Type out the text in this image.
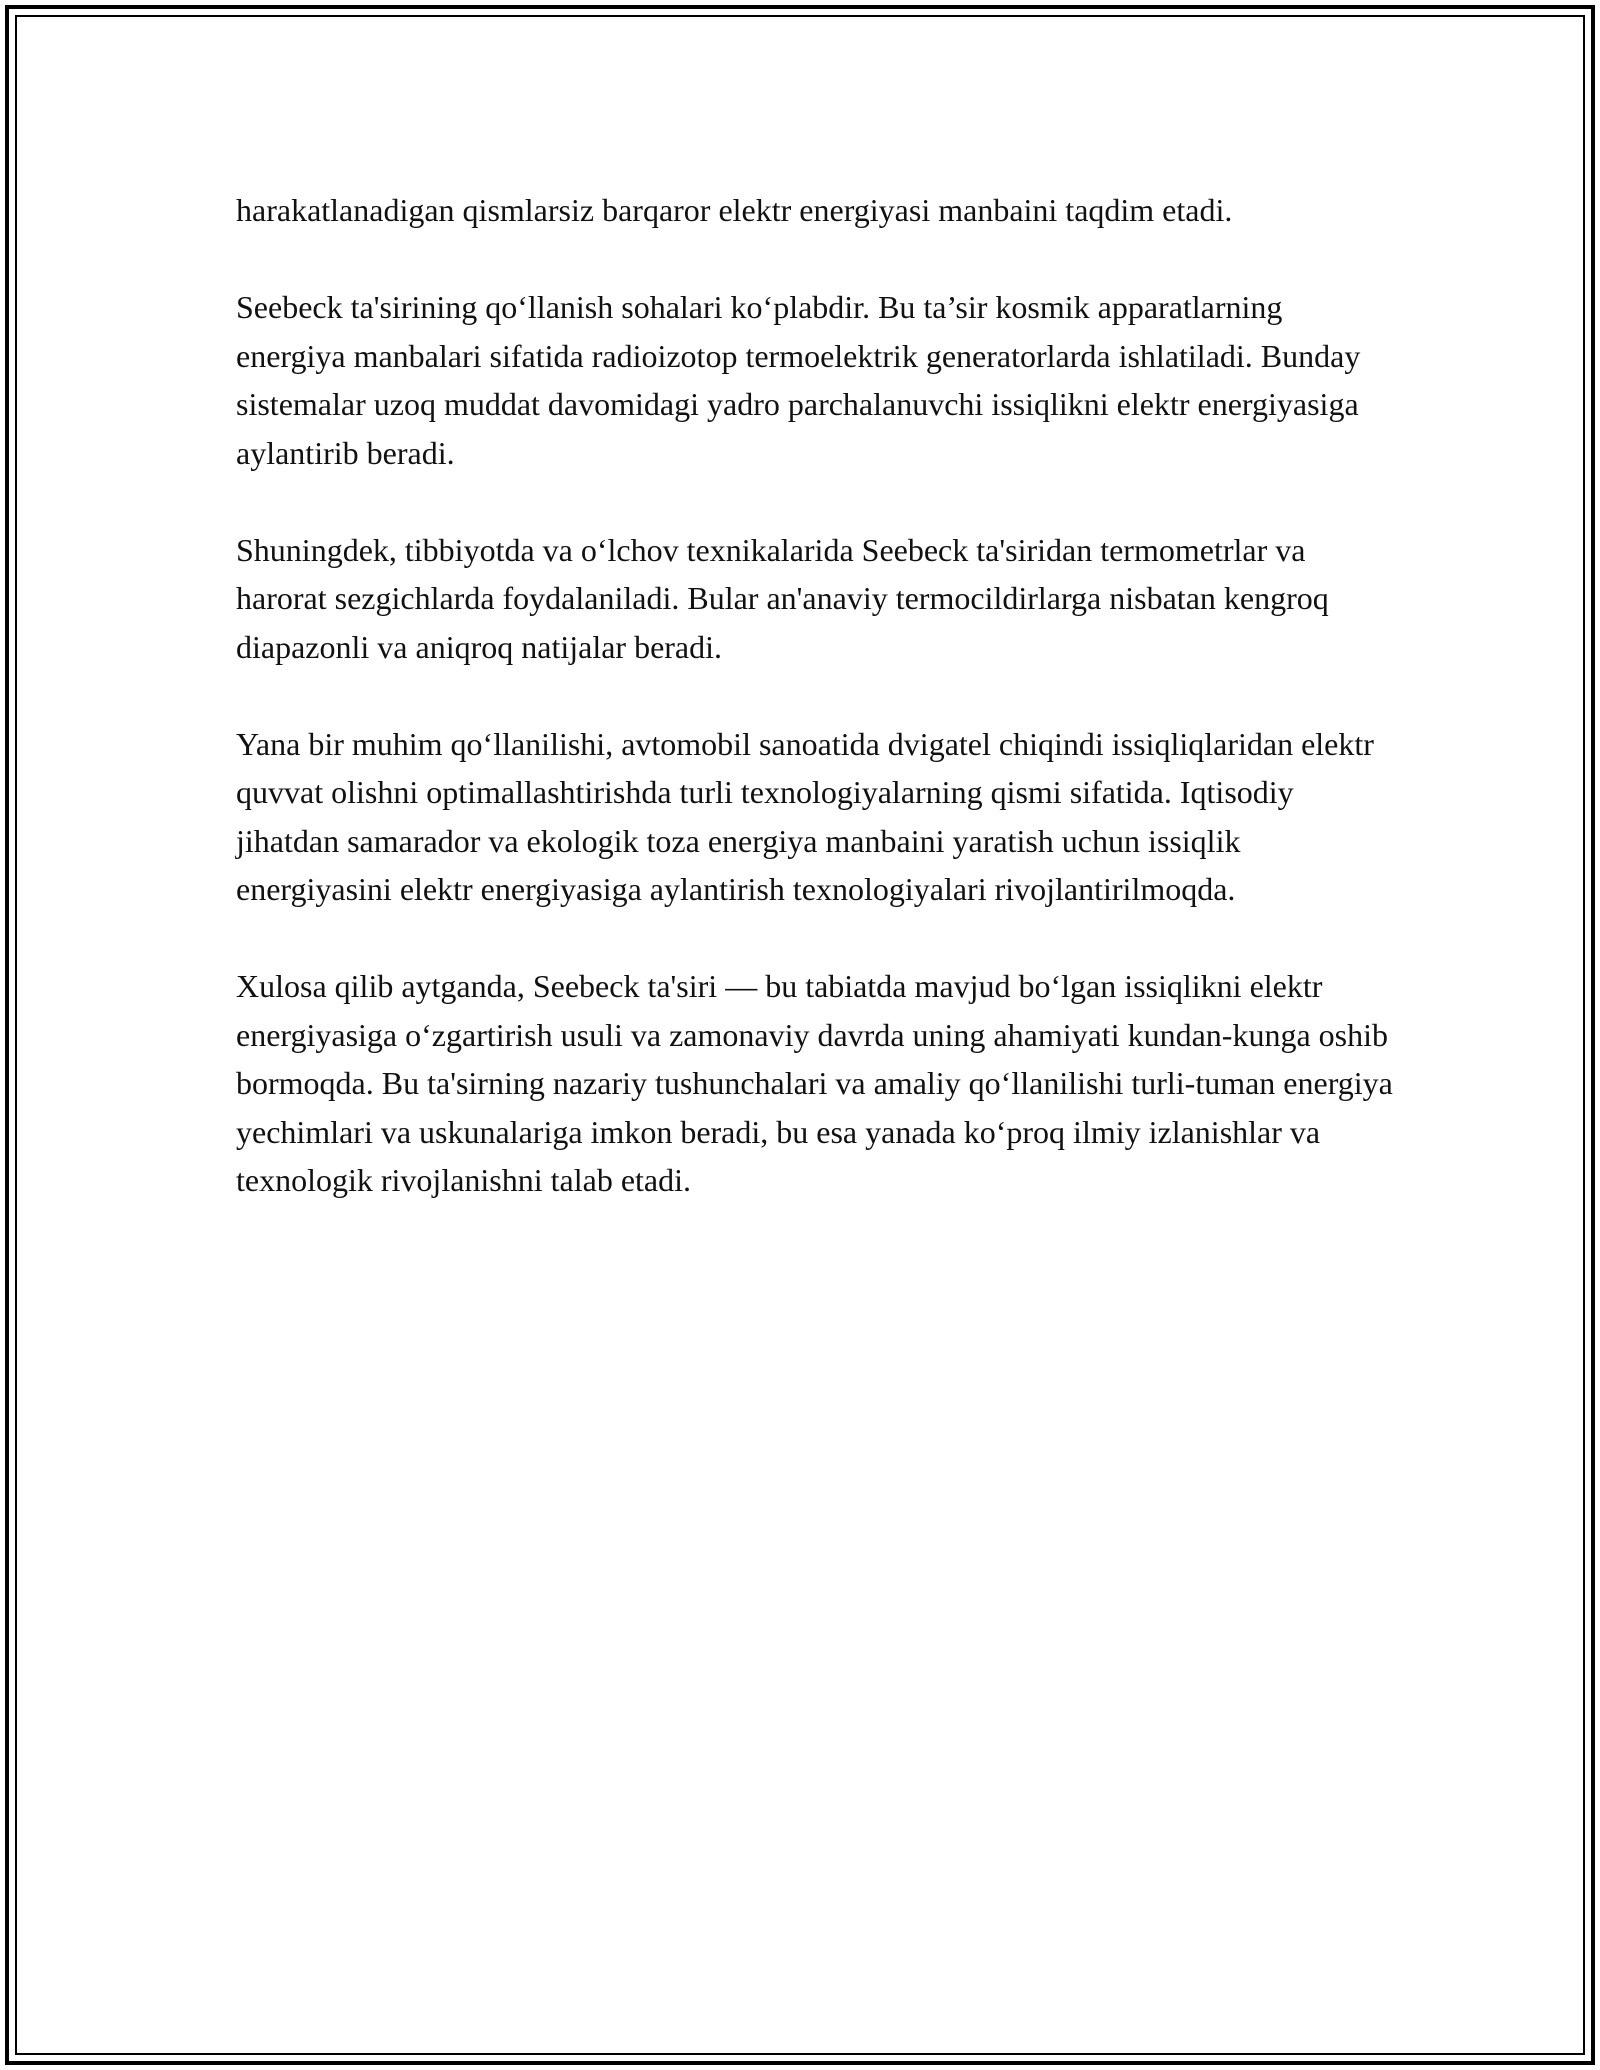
harakatlanadigan qismlarsiz barqaror elektr energiyasi manbaini taqdim etadi.

Seebeck ta'sirining qo‘llanish sohalari ko‘plabdir. Bu ta’sir kosmik apparatlarning energiya manbalari sifatida radioizotop termoelektrik generatorlarda ishlatiladi. Bunday sistemalar uzoq muddat davomidagi yadro parchalanuvchi issiqlikni elektr energiyasiga aylantirib beradi.

Shuningdek, tibbiyotda va o‘lchov texnikalarida Seebeck ta'siridan termometrlar va harorat sezgichlarda foydalaniladi. Bular an'anaviy termocildirlarga nisbatan kengroq diapazonli va aniqroq natijalar beradi.

Yana bir muhim qo‘llanilishi, avtomobil sanoatida dvigatel chiqindi issiqliqlaridan elektr quvvat olishni optimallashtirishda turli texnologiyalarning qismi sifatida. Iqtisodiy jihatdan samarador va ekologik toza energiya manbaini yaratish uchun issiqlik energiyasini elektr energiyasiga aylantirish texnologiyalari rivojlantirilmoqda.

Xulosa qilib aytganda, Seebeck ta'siri — bu tabiatda mavjud bo‘lgan issiqlikni elektr energiyasiga o‘zgartirish usuli va zamonaviy davrda uning ahamiyati kundan-kunga oshib bormoqda. Bu ta'sirning nazariy tushunchalari va amaliy qo‘llanilishi turli-tuman energiya yechimlari va uskunalariga imkon beradi, bu esa yanada ko‘proq ilmiy izlanishlar va texnologik rivojlanishni talab etadi.
